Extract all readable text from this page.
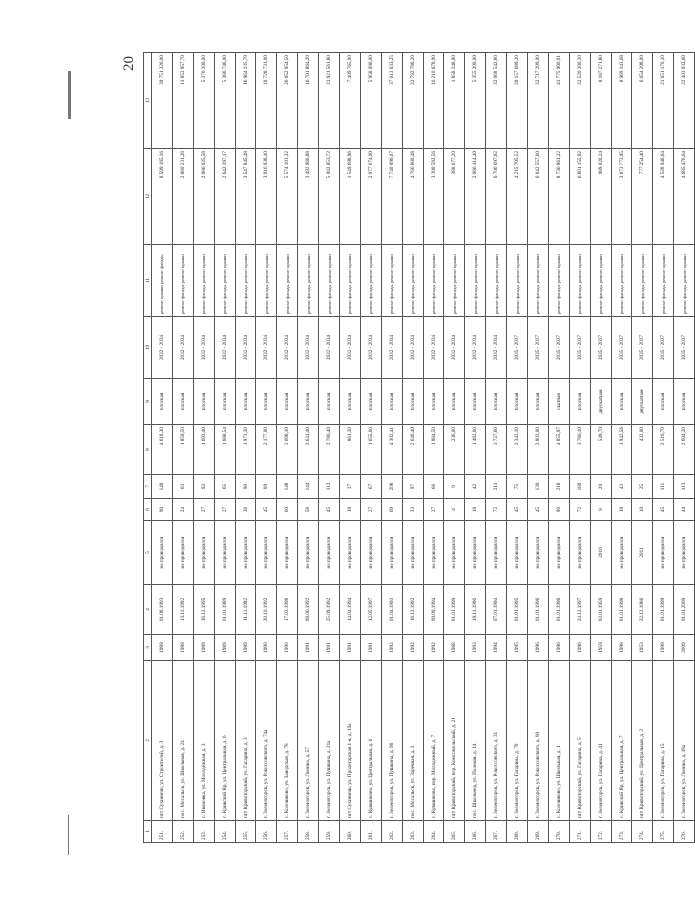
20
1	2	3	4	5	6	7	8	9	10	11	12	13
251.	пгт Сухиничи, ул. Строителей, д. 3	1989	01.08.1993	не проводился	90	149	4 618,30	плоская	2032 - 2034	ремонт крыши ремонт фасада,	8 599 185,16	39 751 226,90
252.	пос. Мосальск, ул. Школьная, д. 24	1989	13.11.1992	не проводился	24	63	1 859,50	плоская	2032 - 2034	ремонт фасада, ремонт крыши	2 880 231,28	13 853 957,70
253.	с. Ивановка, ул. Молодёжная, д. 3	1989	16.12.1995	не проводился	27	92	1 692,40	плоская	2032 - 2034	ремонт фасада, ремонт крыши	2 886 625,58	5 376 200,00
254.	с. Кривской Яр, ул. Центральная, д. 6	1989	01.01.1989	не проводился	27	65	1 668,54	плоская	2032 - 2034	ремонт фасада, ремонт крыши	2 642 397,17	5 386 746,00
255.	пгт Кривоторский, ул. Гагарина, д. 3	1989	11.11.1992	не проводился	36	90	1 973,30	плоская	2032 - 2034	ремонт фасада, ремонт крыши	3 547 845,48	16 964 235,70
256.	г. Зеленогорск, ул. Рокоссовского, д. 74а	1990	20.10.1992	не проводился	45	89	2 177,00	плоская	2032 - 2034	ремонт фасада, ремонт крыши	3 916 938,40	18 728 731,00
257.	с. Колошково, ул. Заводская, д. 78	1990	17.03.1998	не проводился	60	148	3 608,10	плоская	2032 - 2034	ремонт фасада, ремонт крыши	5 574 101,32	26 652 954,50
258.	г. Зеленогорск, ул. Ленина, д. 57	1991	09.06.1992	не проводился	58	144	3 641,40	плоская	2032 - 2034	ремонт фасада, ремонт крыши	3 492 966,88	16 701 864,20
259.	г. Зеленогорск, ул. Пушкина, д. 21а	1991	25.09.1992	не проводился	45	112	2 786,40	плоская	2032 - 2034	ремонт фасада, ремонт крыши	5 002 853,72	23 921 561,80
260.	пгт Сухиничи, ул. Пролетарская 1-я, д. 10а	1991	14.04.1994	не проводился	18	37	861,30	плоская	2032 - 2034	ремонт фасада, ремонт крыши	1 549 698,96	7 409 765,00
261.	с. Кувшиново, ул. Центральная, д. 6	1991	12.05.1997	не проводился	27	67	1 655,00	плоская	2032 - 2034	ремонт фасада, ремонт крыши	2 977 674,00	5 958 096,00
262.	г. Зеленогорск, ул. Пушкина, д. 96	1992	01.04.1993	не проводился	69	208	4 302,41	плоская	2032 - 2034	ремонт фасада, ремонт крыши	7 740 896,07	37 013 633,25
263.	пос. Мосальск, ул. Заречная, д. 3	1992	16.12.1992	не проводился	33	97	2 649,40	плоская	2032 - 2034	ремонт фасада, ремонт крыши	4 766 800,48	22 792 788,20
264.	с. Кувшиново, пер. Молодежный, д. 7	1992	09.09.1994	не проводился	27	66	1 884,50	плоская	2032 - 2034	ремонт фасада, ремонт крыши	3 390 592,56	16 210 678,90
265.	пгт Кривоторский, пер. Комсомольский, д. 21	1968	01.01.1999	не проводился	4	9	236,00	плоская	2032 - 2034	ремонт фасада, ремонт крыши	388 677,20	1 858 248,00
266.	пос. Школьнер, ул. Полевая, д. 14	1993	19.11.1996	не проводился	18	42	1 482,00	плоская	2032 - 2034	ремонт фасада, ремонт крыши	2 666 414,40	5 355 200,00
267.	г. Зеленогорск, ул. Рокоссовского, д. 31	1994	07.01.1994	не проводился	72	211	3 727,60	плоская	2032 - 2034	ремонт фасада, ремонт крыши	6 706 697,92	32 068 542,80
268.	г. Зеленогорск, ул. Гагарина, д. 78	1995	01.01.1995	не проводился	45	75	2 343,10	плоская	2035 - 2037	ремонт фасада, ремонт крыши	4 215 705,52	20 157 689,30
269.	г. Зеленогорск, ул. Рокоссовского, д. 80	1996	01.01.1996	не проводился	45	130	3 803,00	плоская	2035 - 2037	ремонт фасада, ремонт крыши	6 842 557,60	32 717 209,00
270.	с. Колошково, ул. Школьная, д. 1	1996	01.01.1996	не проводился	90	218	4 855,97	скатная	2035 - 2037	ремонт фасада, ремонт крыши	8 736 861,22	41 775 900,91
271.	пгт Кривоторский, ул. Гагарина, д. 5	1996	24.12.1997	не проводился	72	180	3 780,10	плоская	2035 - 2037	ремонт фасада, ремонт крыши	6 801 155,92	32 520 200,30
272.	г. Зеленогорск, ул. Гагарина, д. 41	1959	03.01.1959	2010	8	20	549,70	двускатная	2035 - 2037	ремонт фасада, ремонт крыши	989 020,24	8 187 271,80
273.	с. Кривской Яр, ул. Центральная, д. 7	1998	01.01.1998	не проводился	18	43	1 942,56	плоская	2035 - 2037	ремонт фасада, ремонт крыши	3 873 773,95	8 969 143,68
274.	пгт Кривоторский, ул. Центральная, д. 2	1953	22.12.1986	2011	10	25	432,00	двускатная	2035 - 2037	ремонт фасада, ремонт крыши	777 254,40	6 654 298,00
275.	г. Зеленогорск, ул. Гагарина, д. 15	1999	01.01.1999	не проводился	45	111	2 516,70	плоская	2035 - 2037	ремонт фасада, ремонт крыши	4 528 046,64	21 651 170,10
276.	г. Зеленогорск, ул. Ленина, д. 18а	2009	01.01.2009	не проводился	44	113	2 604,20	плоская	2035 - 2037	ремонт фасада, ремонт крыши	4 685 476,64	22 403 932,60
